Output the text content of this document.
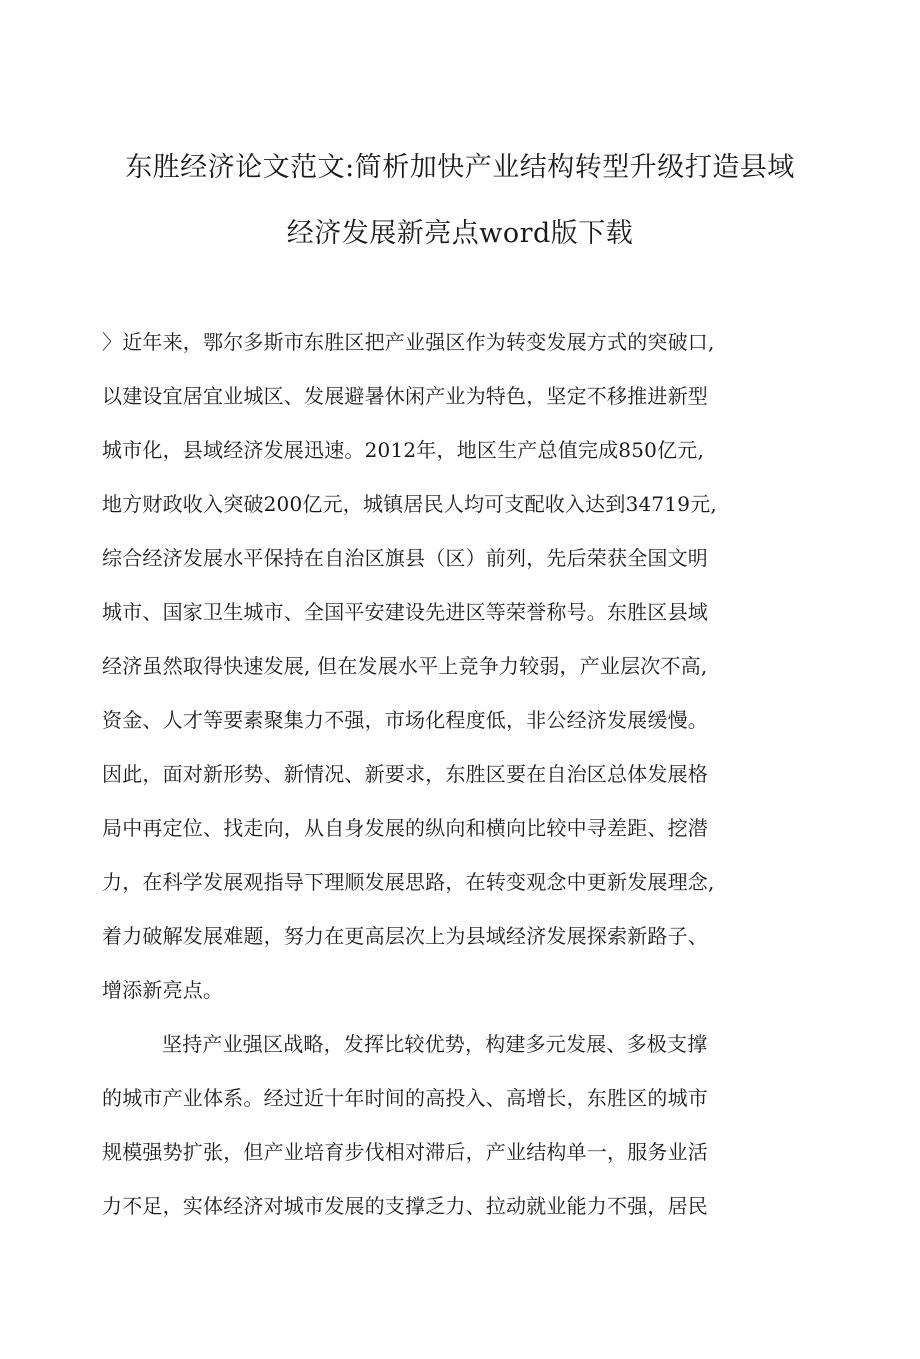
东胜经济论文范文:简析加快产业结构转型升级打造县域
经济发展新亮点word版下载
〉近年来，鄂尔多斯市东胜区把产业强区作为转变发展方式的突破口,
以建设宜居宜业城区、发展避暑休闲产业为特色，坚定不移推进新型
城市化，县域经济发展迅速。2012年，地区生产总值完成850亿元,
地方财政收入突破200亿元，城镇居民人均可支配收入达到34719元,
综合经济发展水平保持在自治区旗县（区）前列，先后荣获全国文明
城市、国家卫生城市、全国平安建设先进区等荣誉称号。东胜区县域
经济虽然取得快速发展, 但在发展水平上竞争力较弱，产业层次不高,
资金、人才等要素聚集力不强，市场化程度低，非公经济发展缓慢。
因此，面对新形势、新情况、新要求，东胜区要在自治区总体发展格
局中再定位、找走向，从自身发展的纵向和横向比较中寻差距、挖潜
力，在科学发展观指导下理顺发展思路，在转变观念中更新发展理念,
着力破解发展难题，努力在更高层次上为县域经济发展探索新路子、
增添新亮点。
坚持产业强区战略，发挥比较优势，构建多元发展、多极支撑
的城市产业体系。经过近十年时间的高投入、高增长，东胜区的城市
规模强势扩张，但产业培育步伐相对滞后，产业结构单一，服务业活
力不足，实体经济对城市发展的支撑乏力、拉动就业能力不强，居民
